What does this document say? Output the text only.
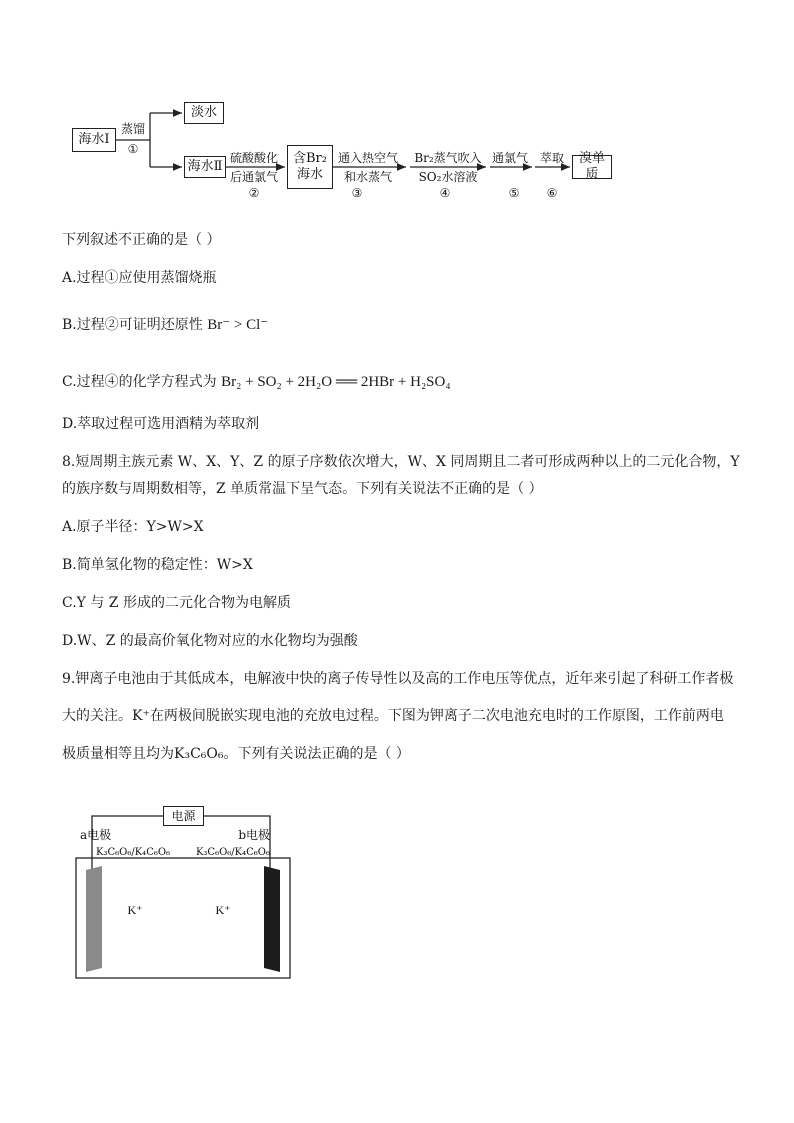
海水Ⅰ
淡水
海水Ⅱ
含Br₂
海水
溴单质
蒸馏
①
硫酸酸化
后通氯气
②
通入热空气
和水蒸气
③
Br₂蒸气吹入
SO₂水溶液
④
通氯气
⑤
萃取
⑥
下列叙述不正确的是（ ）
A.过程①应使用蒸馏烧瓶
B.过程②可证明还原性 Br⁻ > Cl⁻
C.过程④的化学方程式为 Br₂ + SO₂ + 2H₂O ══ 2HBr + H₂SO₄
D.萃取过程可选用酒精为萃取剂
8.短周期主族元素 W、X、Y、Z 的原子序数依次增大，W、X 同周期且二者可形成两种以上的二元化合物，Y
的族序数与周期数相等，Z 单质常温下呈气态。下列有关说法不正确的是（ ）
A.原子半径：Y>W>X
B.简单氢化物的稳定性：W>X
C.Y 与 Z 形成的二元化合物为电解质
D.W、Z 的最高价氧化物对应的水化物均为强酸
9.钾离子电池由于其低成本，电解液中快的离子传导性以及高的工作电压等优点，近年来引起了科研工作者极
大的关注。K⁺在两极间脱嵌实现电池的充放电过程。下图为钾离子二次电池充电时的工作原图，工作前两电
极质量相等且均为K₃C₆O₆。下列有关说法正确的是（ ）
电源
a电极
K₃C₆O₆/K₄C₆O₆
b电极
K₃C₆O₆/K₄C₆O₆
K⁺	K⁺
